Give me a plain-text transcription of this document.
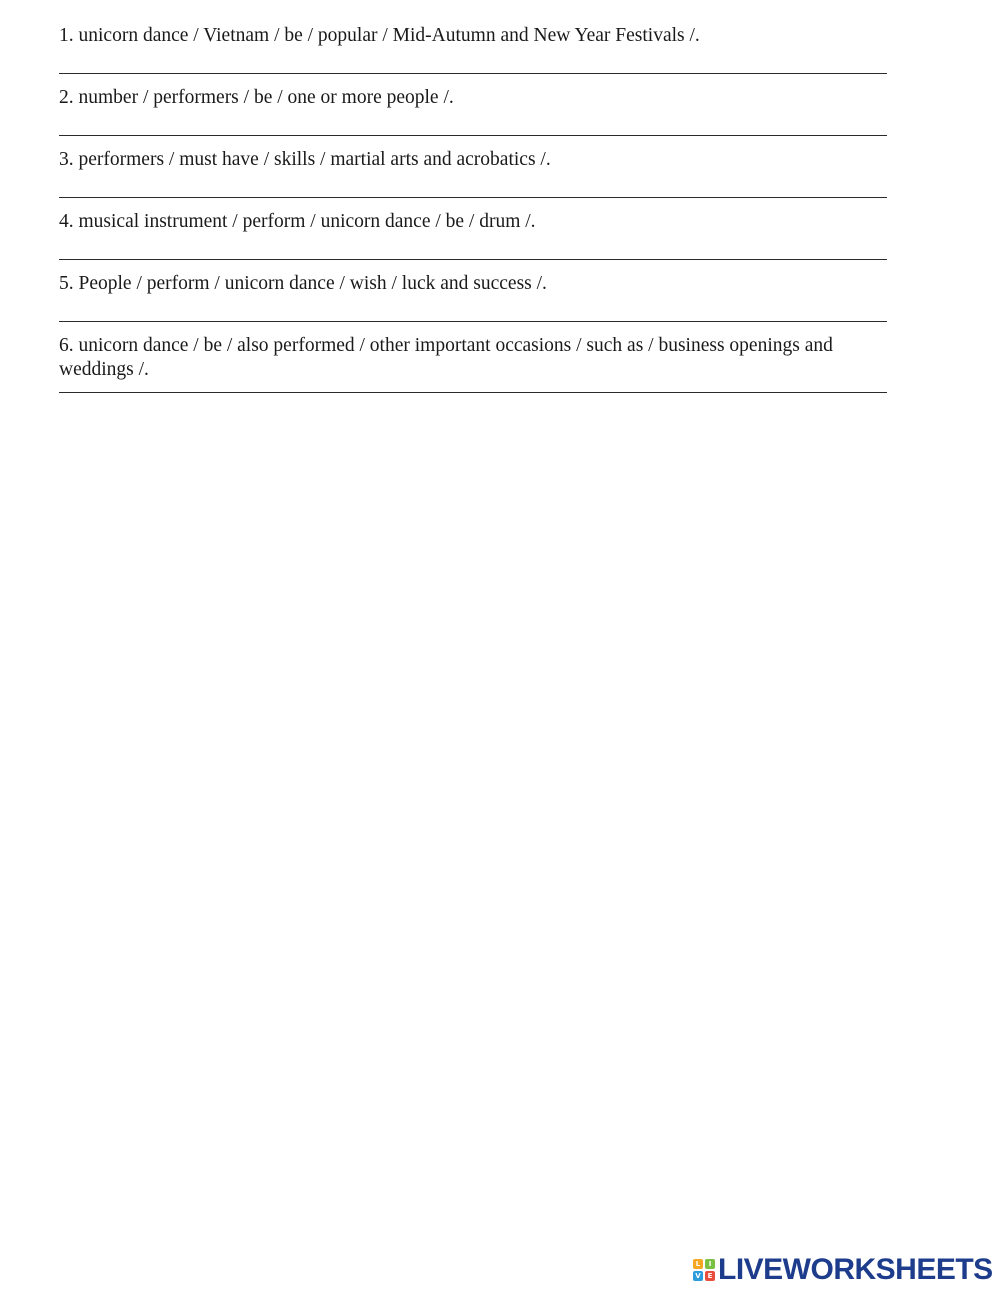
1. unicorn dance / Vietnam / be / popular / Mid-Autumn and New Year Festivals /.

2. number / performers / be / one or more people /.

3. performers / must have / skills / martial arts and acrobatics /.

4. musical instrument / perform / unicorn dance / be / drum /.

5. People / perform / unicorn dance / wish / luck and success /.

6. unicorn dance / be / also performed / other important occasions / such as / business openings and weddings /.

L	I
V E LIVEWORKSHEETS
